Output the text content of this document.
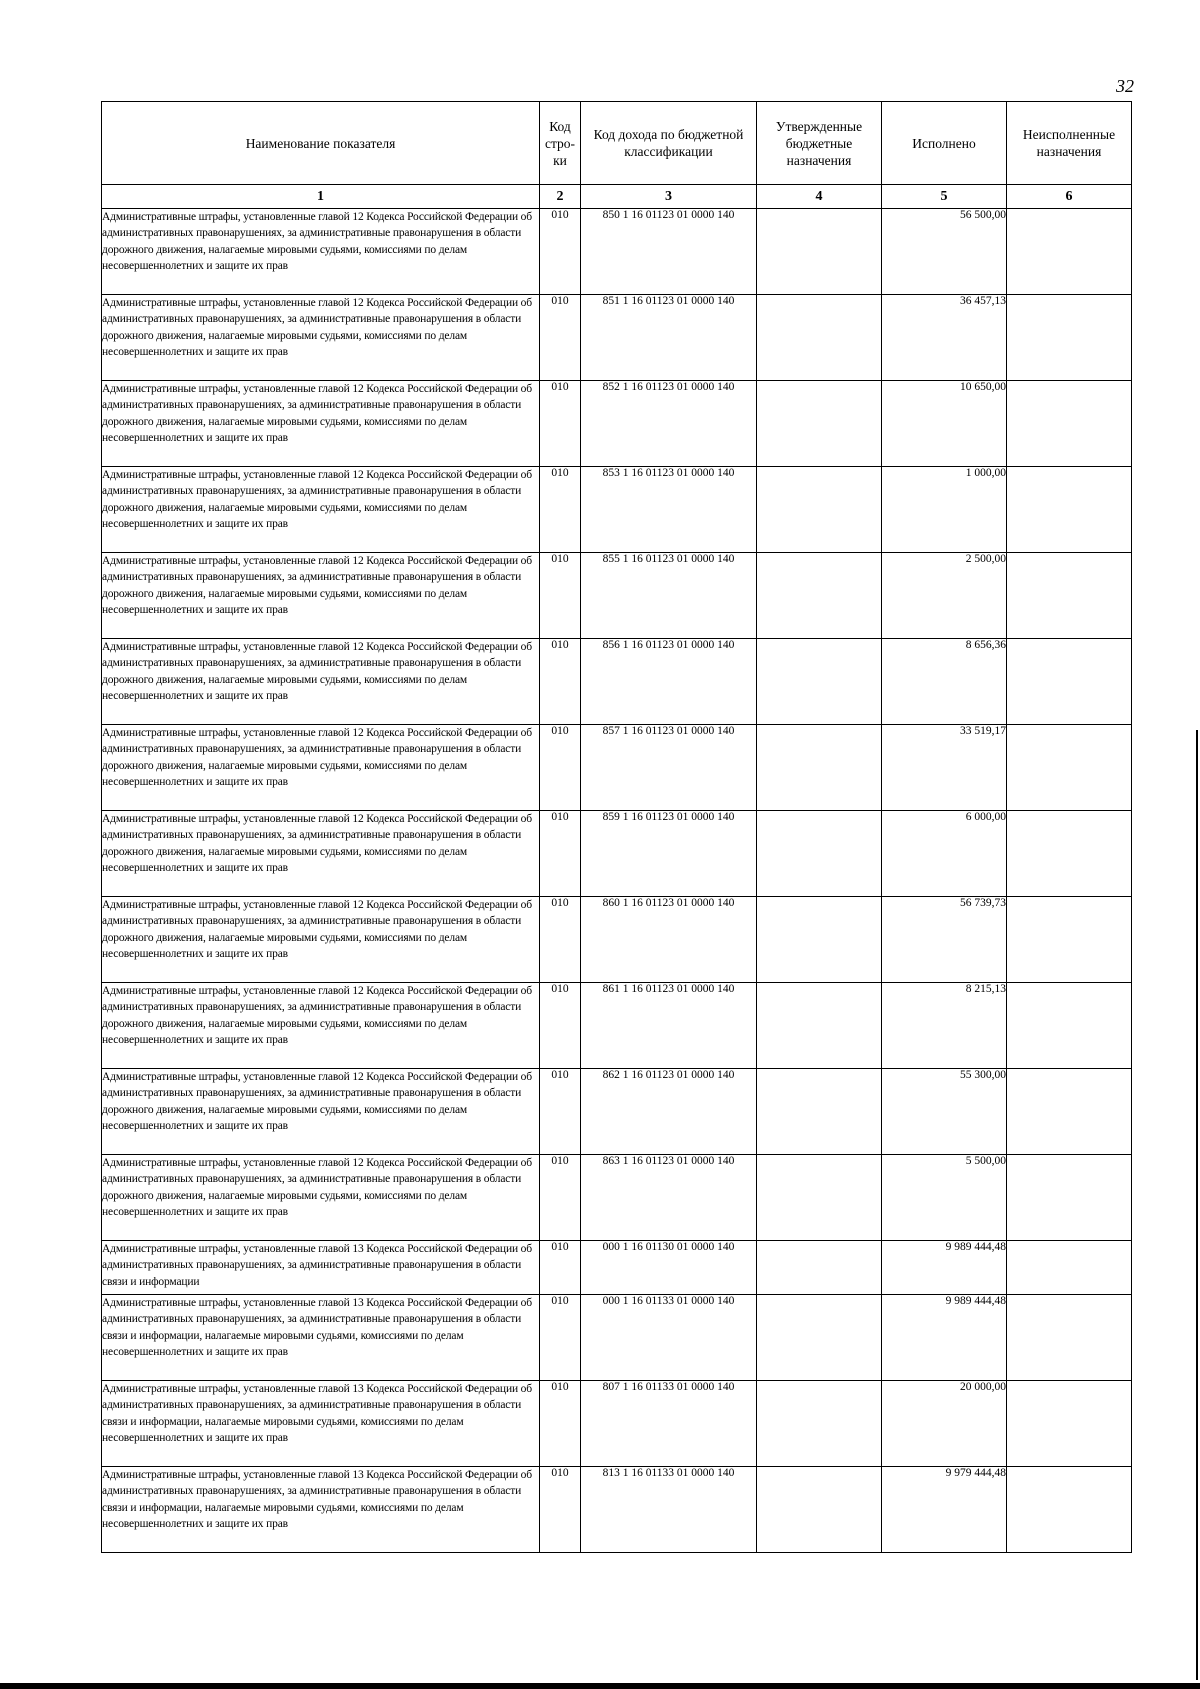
32
Наименование показателя	Код стро- ки	Код дохода по бюджетной классификации	Утвержденные бюджетные назначения	Исполнено	Неисполненные назначения
1	2	3	4	5	6
Административные штрафы, установленные главой 12 Кодекса Российской Федерации об административных правонарушениях, за административные правонарушения в области дорожного движения, налагаемые мировыми судьями, комиссиями по делам несовершеннолетних и защите их прав	010	850 1 16 01123 01 0000 140		56 500,00	
Административные штрафы, установленные главой 12 Кодекса Российской Федерации об административных правонарушениях, за административные правонарушения в области дорожного движения, налагаемые мировыми судьями, комиссиями по делам несовершеннолетних и защите их прав	010	851 1 16 01123 01 0000 140		36 457,13	
Административные штрафы, установленные главой 12 Кодекса Российской Федерации об административных правонарушениях, за административные правонарушения в области дорожного движения, налагаемые мировыми судьями, комиссиями по делам несовершеннолетних и защите их прав	010	852 1 16 01123 01 0000 140		10 650,00	
Административные штрафы, установленные главой 12 Кодекса Российской Федерации об административных правонарушениях, за административные правонарушения в области дорожного движения, налагаемые мировыми судьями, комиссиями по делам несовершеннолетних и защите их прав	010	853 1 16 01123 01 0000 140		1 000,00	
Административные штрафы, установленные главой 12 Кодекса Российской Федерации об административных правонарушениях, за административные правонарушения в области дорожного движения, налагаемые мировыми судьями, комиссиями по делам несовершеннолетних и защите их прав	010	855 1 16 01123 01 0000 140		2 500,00	
Административные штрафы, установленные главой 12 Кодекса Российской Федерации об административных правонарушениях, за административные правонарушения в области дорожного движения, налагаемые мировыми судьями, комиссиями по делам несовершеннолетних и защите их прав	010	856 1 16 01123 01 0000 140		8 656,36	
Административные штрафы, установленные главой 12 Кодекса Российской Федерации об административных правонарушениях, за административные правонарушения в области дорожного движения, налагаемые мировыми судьями, комиссиями по делам несовершеннолетних и защите их прав	010	857 1 16 01123 01 0000 140		33 519,17	
Административные штрафы, установленные главой 12 Кодекса Российской Федерации об административных правонарушениях, за административные правонарушения в области дорожного движения, налагаемые мировыми судьями, комиссиями по делам несовершеннолетних и защите их прав	010	859 1 16 01123 01 0000 140		6 000,00	
Административные штрафы, установленные главой 12 Кодекса Российской Федерации об административных правонарушениях, за административные правонарушения в области дорожного движения, налагаемые мировыми судьями, комиссиями по делам несовершеннолетних и защите их прав	010	860 1 16 01123 01 0000 140		56 739,73	
Административные штрафы, установленные главой 12 Кодекса Российской Федерации об административных правонарушениях, за административные правонарушения в области дорожного движения, налагаемые мировыми судьями, комиссиями по делам несовершеннолетних и защите их прав	010	861 1 16 01123 01 0000 140		8 215,13	
Административные штрафы, установленные главой 12 Кодекса Российской Федерации об административных правонарушениях, за административные правонарушения в области дорожного движения, налагаемые мировыми судьями, комиссиями по делам несовершеннолетних и защите их прав	010	862 1 16 01123 01 0000 140		55 300,00	
Административные штрафы, установленные главой 12 Кодекса Российской Федерации об административных правонарушениях, за административные правонарушения в области дорожного движения, налагаемые мировыми судьями, комиссиями по делам несовершеннолетних и защите их прав	010	863 1 16 01123 01 0000 140		5 500,00	
Административные штрафы, установленные главой 13 Кодекса Российской Федерации об административных правонарушениях, за административные правонарушения в области связи и информации	010	000 1 16 01130 01 0000 140		9 989 444,48	
Административные штрафы, установленные главой 13 Кодекса Российской Федерации об административных правонарушениях, за административные правонарушения в области связи и информации, налагаемые мировыми судьями, комиссиями по делам несовершеннолетних и защите их прав	010	000 1 16 01133 01 0000 140		9 989 444,48	
Административные штрафы, установленные главой 13 Кодекса Российской Федерации об административных правонарушениях, за административные правонарушения в области связи и информации, налагаемые мировыми судьями, комиссиями по делам несовершеннолетних и защите их прав	010	807 1 16 01133 01 0000 140		20 000,00	
Административные штрафы, установленные главой 13 Кодекса Российской Федерации об административных правонарушениях, за административные правонарушения в области связи и информации, налагаемые мировыми судьями, комиссиями по делам несовершеннолетних и защите их прав	010	813 1 16 01133 01 0000 140		9 979 444,48	
